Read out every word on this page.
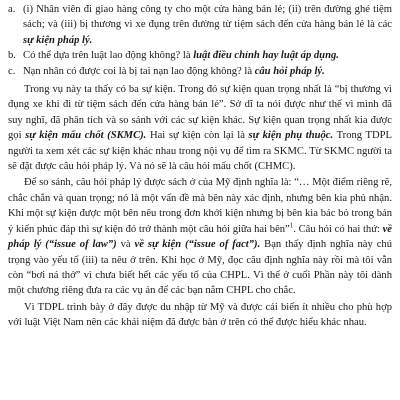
a. (i) Nhân viên đi giao hàng công ty cho một cửa hàng bán lẻ; (ii) trên đường ghé tiệm sách; và (iii) bị thương vì xe đụng trên đường từ tiệm sách đến cửa hàng bán lẻ là các sự kiện pháp lý.
b. Có thể dựa trên luật lao động không? là luật điều chỉnh hay luật áp dụng.
c. Nạn nhân có được coi là bị tai nạn lao động không? là câu hỏi pháp lý.

Trong vụ này ta thấy có ba sự kiện. Trong đó sự kiện quan trọng nhất là “bị thương vì đụng xe khi đi từ tiệm sách đến cửa hàng bán lẻ”. Sở dĩ ta nói được như thế vì mình đã suy nghĩ, đã phân tích và so sánh với các sự kiện khác. Sự kiện quan trọng nhất kia được gọi sự kiện mấu chốt (SKMC). Hai sự kiện còn lại là sự kiện phụ thuộc. Trong TDPL người ta xem xét các sự kiện khác nhau trong nội vụ để tìm ra SKMC. Từ SKMC người ta sẽ đặt được câu hỏi pháp lý. Và nó sẽ là câu hỏi mấu chốt (CHMC).

Để so sánh, câu hỏi pháp lý được sách ở của Mỹ định nghĩa là: “… Một điểm riêng rẽ, chắc chắn và quan trọng; nó là một vấn đề mà bên này xác định, nhưng bên kia phủ nhận. Khi một sự kiện được một bên nêu trong đơn khởi kiện nhưng bị bên kia bác bỏ trong bản ý kiến phúc đáp thì sự kiện đó trở thành một câu hỏi giữa hai bên”$^1$. Câu hỏi có hai thứ: về pháp lý (“issue of law”) và về sự kiện (“issue of fact”). Bạn thấy định nghĩa này chú trọng vào yếu tố (iii) ta nêu ở trên. Khi học ở Mỹ, đọc câu định nghĩa này rồi mà tôi vẫn còn “bơi ná thở” vì chưa biết hết các yếu tố của CHPL. Vì thế ở cuối Phần này tôi dành một chương riêng đưa ra các vụ án để các bạn nắm CHPL cho chắc.

Vì TDPL trình bày ở đây được du nhập từ Mỹ và được cải biến ít nhiều cho phù hợp với luật Việt Nam nên các khái niệm đã được bàn ở trên có thể được hiểu khác nhau.
